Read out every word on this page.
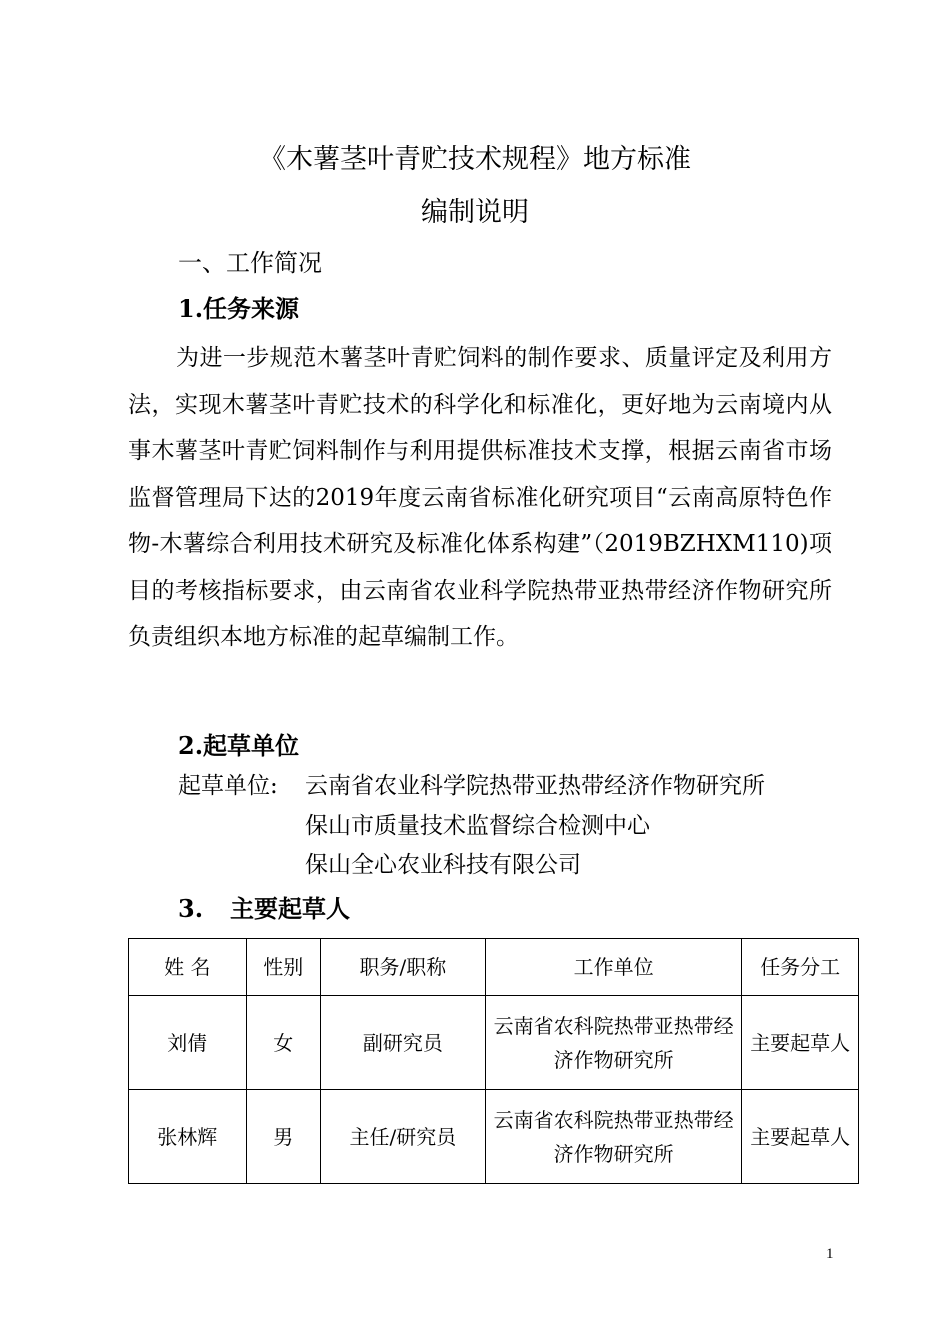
《木薯茎叶青贮技术规程》地方标准
编制说明
一、工作简况
1.任务来源
为进一步规范木薯茎叶青贮饲料的制作要求、质量评定及利用方法，实现木薯茎叶青贮技术的科学化和标准化，更好地为云南境内从事木薯茎叶青贮饲料制作与利用提供标准技术支撑，根据云南省市场监督管理局下达的2019年度云南省标准化研究项目“云南高原特色作物-木薯综合利用技术研究及标准化体系构建”（2019BZHXM110)项目的考核指标要求，由云南省农业科学院热带亚热带经济作物研究所负责组织本地方标准的起草编制工作。
2.起草单位
起草单位: 云南省农业科学院热带亚热带经济作物研究所
保山市质量技术监督综合检测中心
保山全心农业科技有限公司
3. 主要起草人
姓 名	性别	职务/职称	工作单位	任务分工
刘倩	女	副研究员	云南省农科院热带亚热带经济作物研究所	主要起草人
张林辉	男	主任/研究员	云南省农科院热带亚热带经济作物研究所	主要起草人
1
